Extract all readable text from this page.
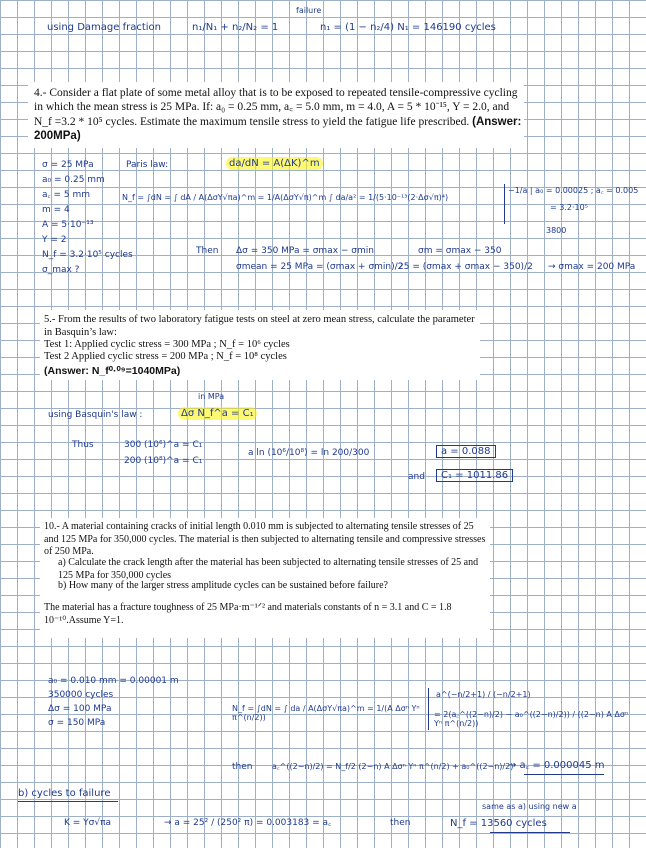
using Damage fraction	n₁/N₁ + n₂/N₂ = 1
failure
n₁ = (1 − n₂/4) N₁ = 146190 cycles
4.- Consider a flat plate of some metal alloy that is to be exposed to repeated tensile-compressive cycling in which the mean stress is 25 MPa. If: a₀ = 0.25 mm, a꜀ = 5.0 mm, m = 4.0, A = 5 * 10⁻¹⁵, Y = 2.0, and N_f =3.2 * 10⁵ cycles. Estimate the maximum tensile stress to yield the fatigue life prescribed. (Answer: 200MPa)
σ = 25 MPa
a₀ = 0.25 mm
a꜀ = 5 mm
m = 4
A = 5·10⁻¹³
Y = 2
N_f = 3.2·10⁵ cycles
σ_max ?
Paris law:	da/dN = A(ΔK)^m
N_f = ∫dN = ∫ dA / A(ΔσY√πa)^m = 1/A(ΔσY√π)^m ∫ da/a² = 1/(5·10⁻¹³(2·Δσ√π)⁴)
−1/a | a₀ = 0.00025 ; a꜀ = 0.005
= 3.2·10⁵
3800
Then Δσ = 350 MPa = σmax − σmin
σmean = 25 MPa = (σmax + σmin)/2
σm = σmax − 350
25 = (σmax + σmax − 350)/2 → σmax = 200 MPa
5.- From the results of two laboratory fatigue tests on steel at zero mean stress, calculate the parameter in Basquin’s law:
Test 1: Applied cyclic stress = 300 MPa ; N_f = 10⁶ cycles
Test 2 Applied cyclic stress = 200 MPa ; N_f = 10⁸ cycles
(Answer: N_f⁰·⁰⁹=1040MPa)
using Basquin's law :
in MPa
Δσ N_f^a = C₁
Thus	300 (10⁶)^a = C₁
200 (10⁸)^a = C₁
a ln (10⁶/10⁸) = ln 200/300	a = 0.088
and	C₁ = 1011.86
10.- A material containing cracks of initial length 0.010 mm is subjected to alternating tensile stresses of 25 and 125 MPa for 350,000 cycles. The material is then subjected to alternating tensile and compressive stresses of 250 MPa.
a) Calculate the crack length after the material has been subjected to alternating tensile stresses of 25 and 125 MPa for 350,000 cycles
b) How many of the larger stress amplitude cycles can be sustained before failure?
The material has a fracture toughness of 25 MPa·m⁻¹ᐟ² and materials constants of n = 3.1 and C = 1.8 10⁻¹⁰.Assume Y=1.
a₀ = 0.010 mm = 0.00001 m
350000 cycles
Δσ = 100 MPa
σ = 150 MPa
N_f = ∫dN = ∫ da / A(ΔσY√πa)^m = 1/(A Δσⁿ Yⁿ π^(n/2))
a^(−n/2+1) / (−n/2+1)
= 2(a꜀^((2−n)/2) − a₀^((2−n)/2)) / ((2−n) A Δσⁿ Yⁿ π^(n/2))
then a꜀^((2−n)/2) = N_f/2 (2−n) A Δσⁿ Yⁿ π^(n/2) + a₀^((2−n)/2)
→ a꜀ = 0.000045 m
b) cycles to failure
K = Yσ√πa	→ a = 25² / (250² π) = 0.003183 = a꜀	then
same as a) using new a
N_f = 13560 cycles
